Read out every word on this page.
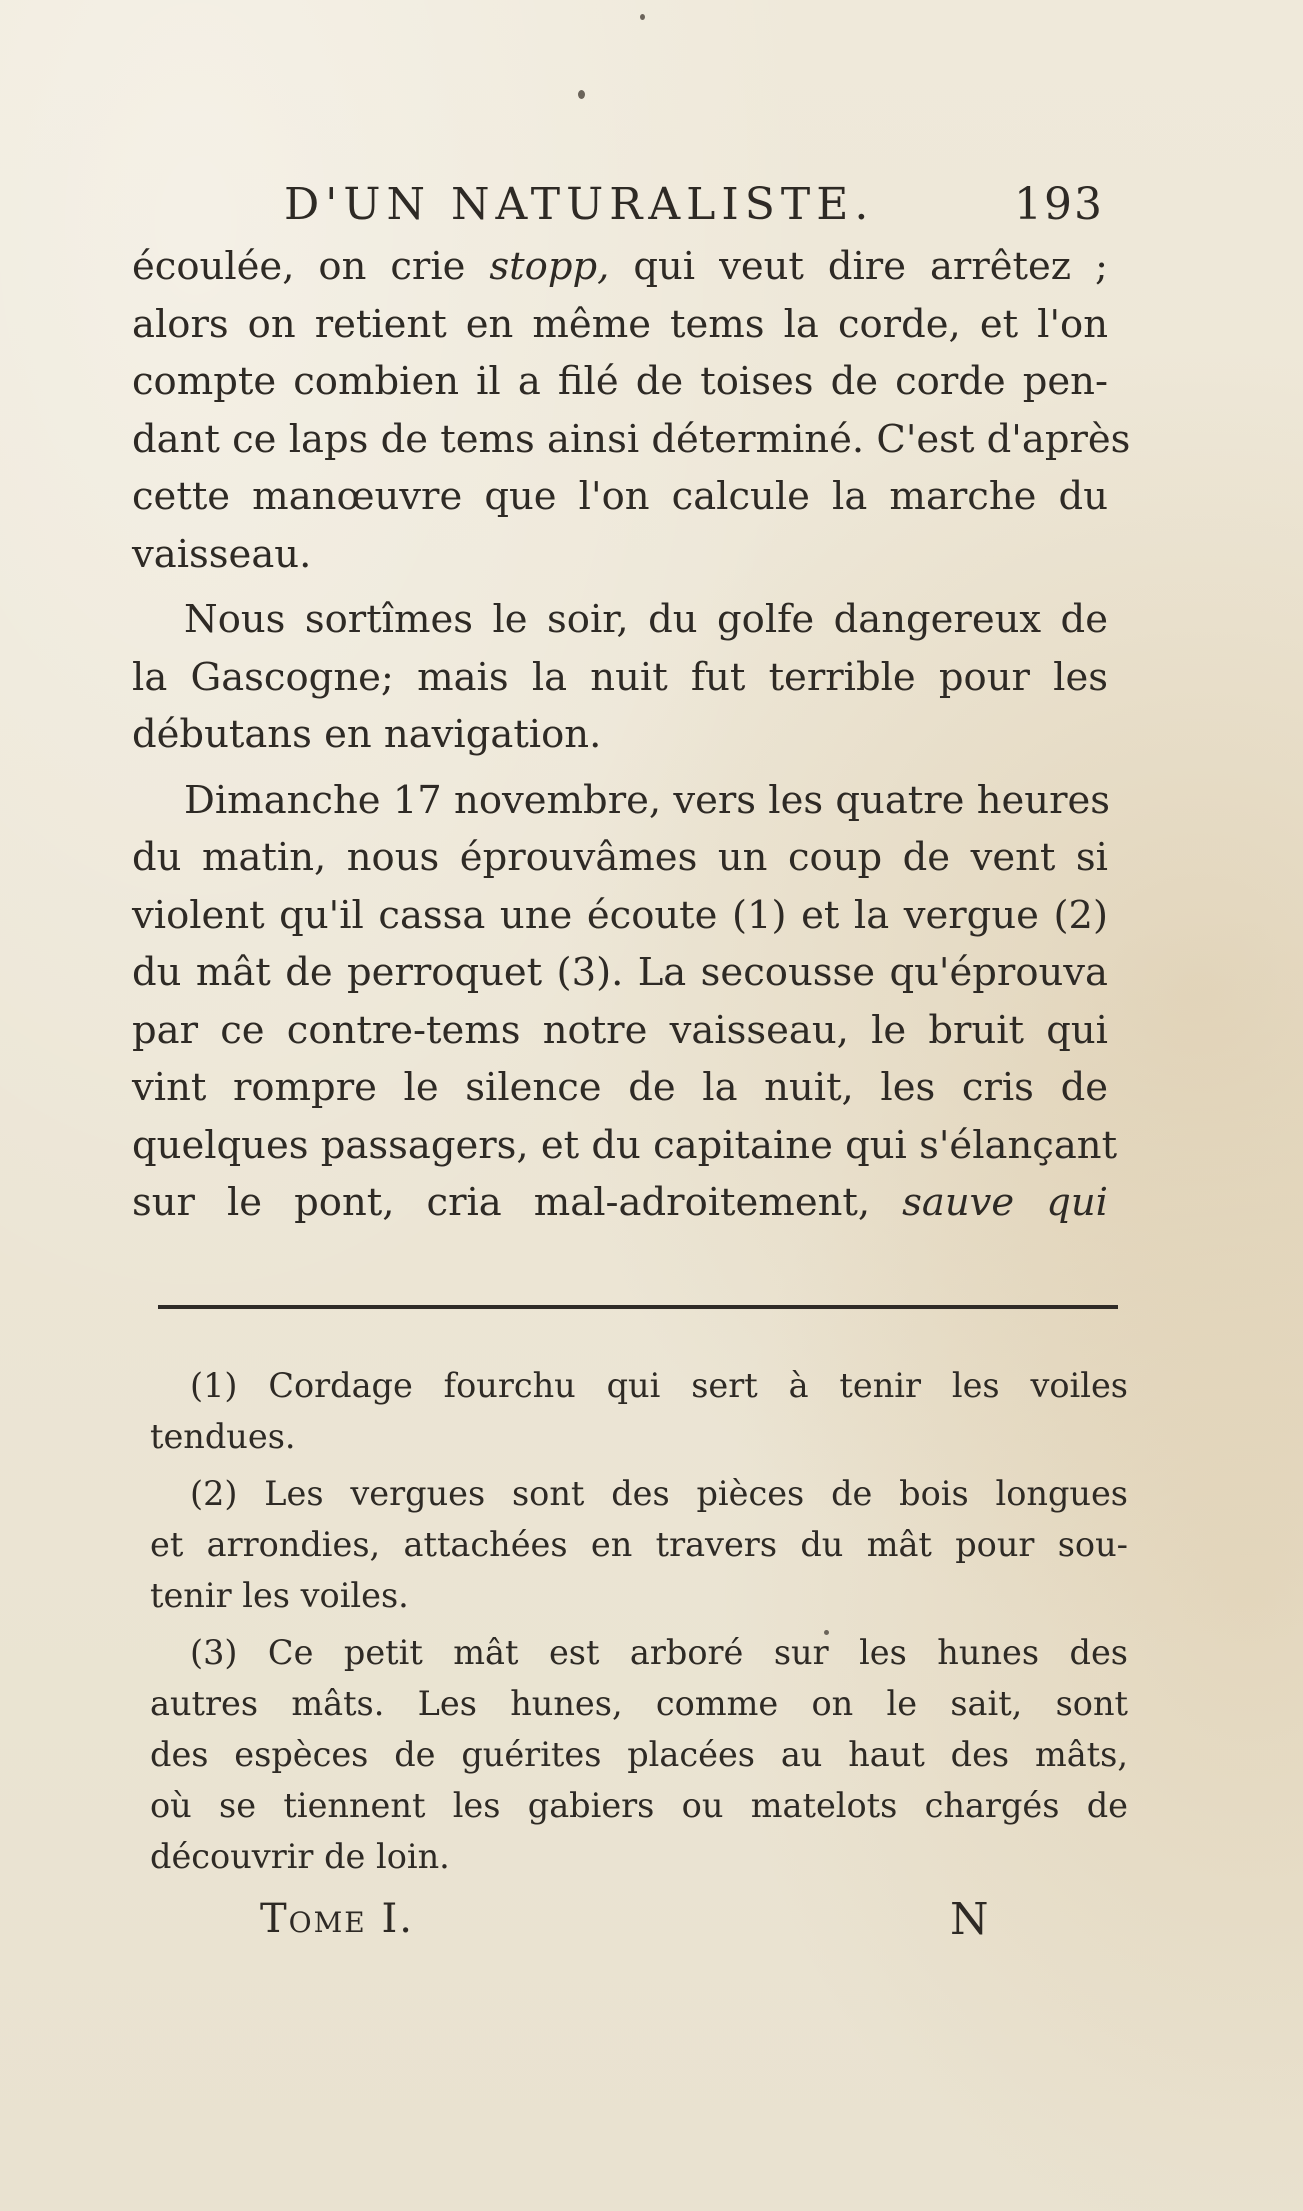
D'UN NATURALISTE.	193
écoulée, on crie stopp, qui veut dire arrêtez ;
alors on retient en même tems la corde, et l'on
compte combien il a filé de toises de corde pen-
dant ce laps de tems ainsi déterminé. C'est d'après
cette manœuvre que l'on calcule la marche du
vaisseau.
Nous sortîmes le soir, du golfe dangereux de
la Gascogne; mais la nuit fut terrible pour les
débutans en navigation.
Dimanche 17 novembre, vers les quatre heures
du matin, nous éprouvâmes un coup de vent si
violent qu'il cassa une écoute (1) et la vergue (2)
du mât de perroquet (3). La secousse qu'éprouva
par ce contre-tems notre vaisseau, le bruit qui
vint rompre le silence de la nuit, les cris de
quelques passagers, et du capitaine qui s'élançant
sur le pont, cria mal-adroitement, sauve qui
(1) Cordage fourchu qui sert à tenir les voiles
tendues.
(2) Les vergues sont des pièces de bois longues
et arrondies, attachées en travers du mât pour sou-
tenir les voiles.
(3) Ce petit mât est arboré sur les hunes des
autres mâts. Les hunes, comme on le sait, sont
des espèces de guérites placées au haut des mâts,
où se tiennent les gabiers ou matelots chargés de
découvrir de loin.
Tome I.	N
